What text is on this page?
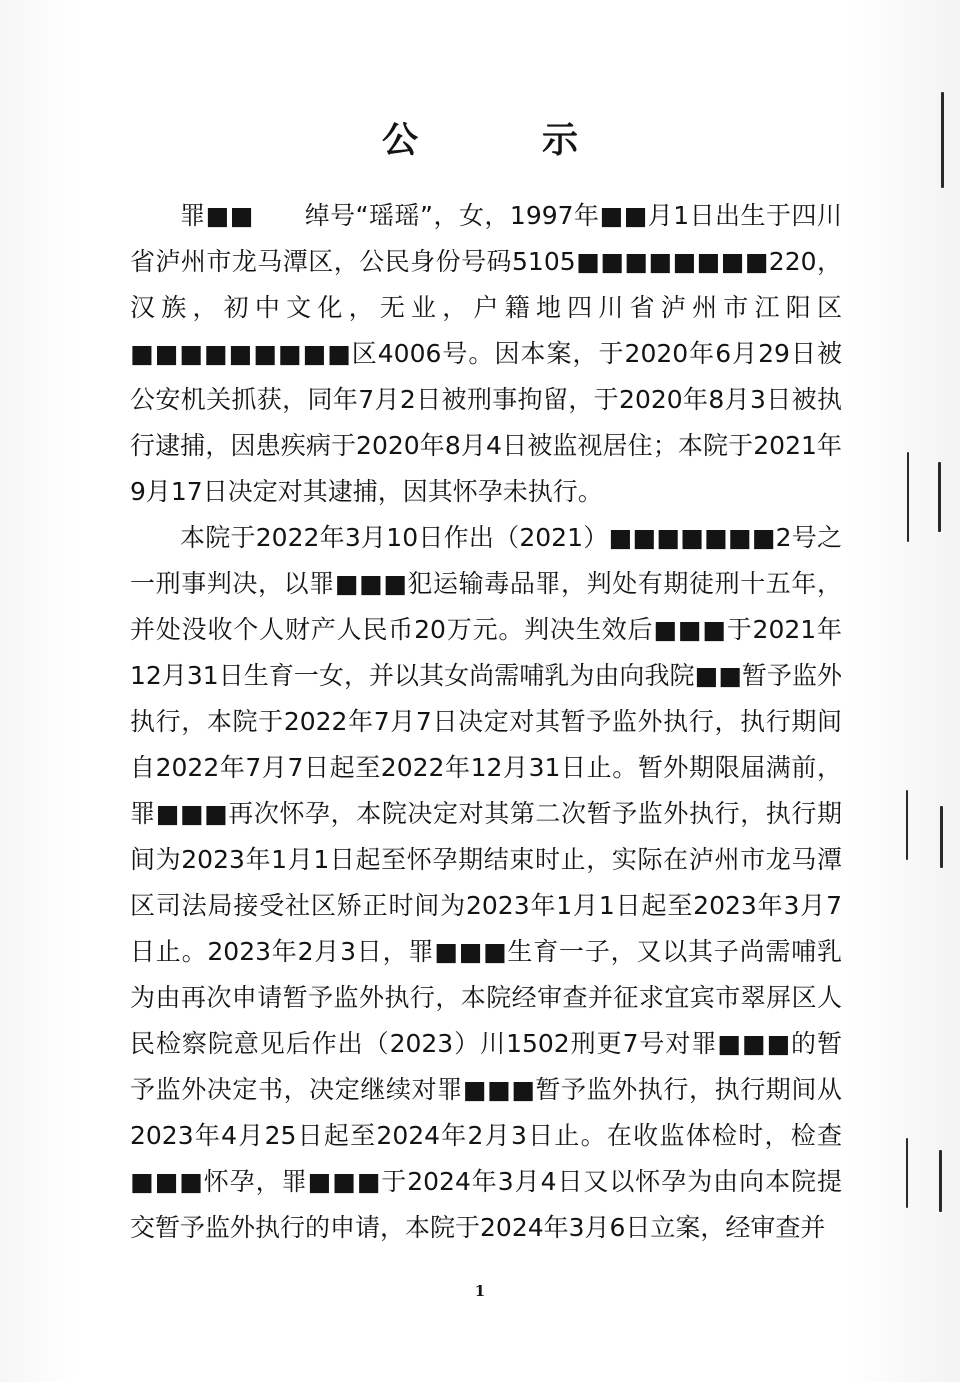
公　示

罪■■　　绰号“瑶瑶”，女，1997年■■月1日出生于四川省泸州市龙马潭区，公民身份号码5105■■■■■■■■220，汉族，初中文化，无业，户籍地四川省泸州市江阳区■■■■■■■■■区4006号。因本案，于2020年6月29日被公安机关抓获，同年7月2日被刑事拘留，于2020年8月3日被执行逮捕，因患疾病于2020年8月4日被监视居住；本院于2021年9月17日决定对其逮捕，因其怀孕未执行。

本院于2022年3月10日作出（2021）■■■■■■■2号之一刑事判决，以罪■■■犯运输毒品罪，判处有期徒刑十五年，并处没收个人财产人民币20万元。判决生效后■■■于2021年12月31日生育一女，并以其女尚需哺乳为由向我院■■暂予监外执行，本院于2022年7月7日决定对其暂予监外执行，执行期间自2022年7月7日起至2022年12月31日止。暂外期限届满前，罪■■■再次怀孕，本院决定对其第二次暂予监外执行，执行期间为2023年1月1日起至怀孕期结束时止，实际在泸州市龙马潭区司法局接受社区矫正时间为2023年1月1日起至2023年3月7日止。2023年2月3日，罪■■■生育一子，又以其子尚需哺乳为由再次申请暂予监外执行，本院经审查并征求宜宾市翠屏区人民检察院意见后作出（2023）川1502刑更7号对罪■■■的暂予监外决定书，决定继续对罪■■■暂予监外执行，执行期间从2023年4月25日起至2024年2月3日止。在收监体检时，检查■■■怀孕，罪■■■于2024年3月4日又以怀孕为由向本院提交暂予监外执行的申请，本院于2024年3月6日立案，经审查并

1
